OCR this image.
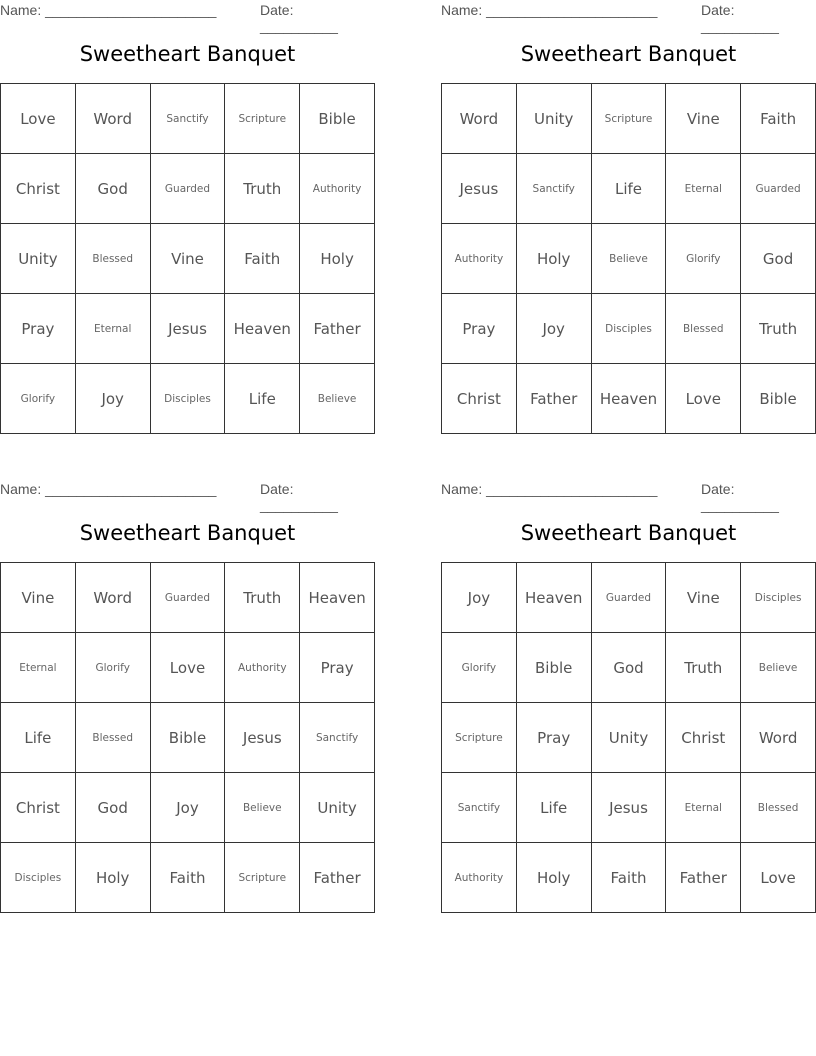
Name: ______________________	Date: __________
Sweetheart Banquet
Love	Word	Sanctify	Scripture	Bible
Christ	God	Guarded	Truth	Authority
Unity	Blessed	Vine	Faith	Holy
Pray	Eternal	Jesus	Heaven	Father
Glorify	Joy	Disciples	Life	Believe
Name: ______________________	Date: __________
Sweetheart Banquet
Word	Unity	Scripture	Vine	Faith
Jesus	Sanctify	Life	Eternal	Guarded
Authority	Holy	Believe	Glorify	God
Pray	Joy	Disciples	Blessed	Truth
Christ	Father	Heaven	Love	Bible
Name: ______________________	Date: __________
Sweetheart Banquet
Vine	Word	Guarded	Truth	Heaven
Eternal	Glorify	Love	Authority	Pray
Life	Blessed	Bible	Jesus	Sanctify
Christ	God	Joy	Believe	Unity
Disciples	Holy	Faith	Scripture	Father
Name: ______________________	Date: __________
Sweetheart Banquet
Joy	Heaven	Guarded	Vine	Disciples
Glorify	Bible	God	Truth	Believe
Scripture	Pray	Unity	Christ	Word
Sanctify	Life	Jesus	Eternal	Blessed
Authority	Holy	Faith	Father	Love
